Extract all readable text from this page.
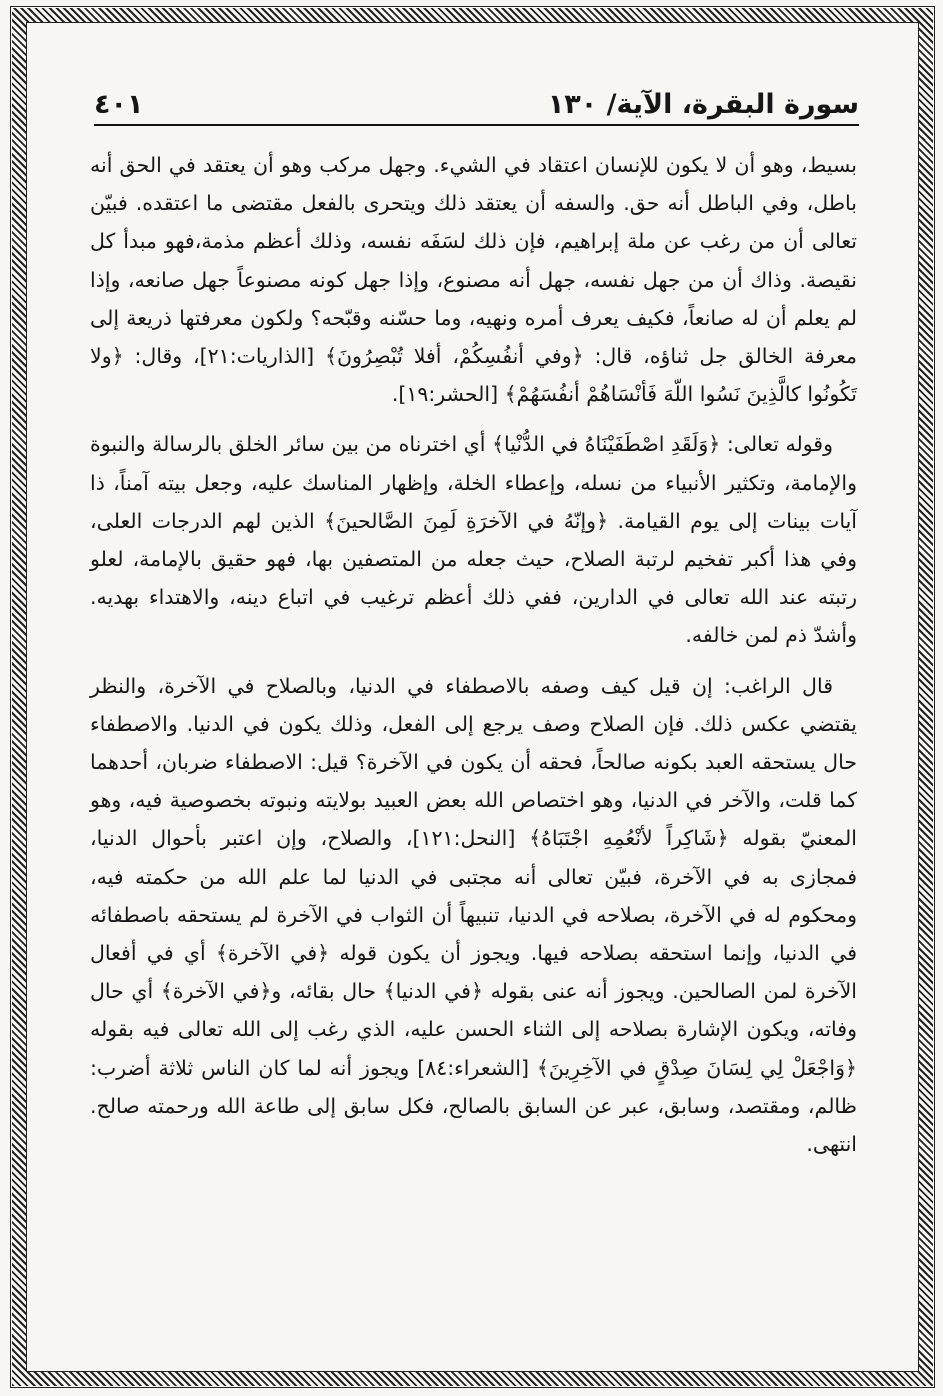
سورة البقرة، الآية/ ١٣٠
٤٠١

بسيط، وهو أن لا يكون للإنسان اعتقاد في الشيء. وجهل مركب وهو أن يعتقد في الحق أنه باطل، وفي الباطل أنه حق. والسفه أن يعتقد ذلك ويتحرى بالفعل مقتضى ما اعتقده. فبيّن تعالى أن من رغب عن ملة إبراهيم، فإن ذلك لسَفَه نفسه، وذلك أعظم مذمة،فهو مبدأ كل نقيصة. وذاك أن من جهل نفسه، جهل أنه مصنوع، وإذا جهل كونه مصنوعاً جهل صانعه، وإذا لم يعلم أن له صانعاً، فكيف يعرف أمره ونهيه، وما حسّنه وقبّحه؟ ولكون معرفتها ذريعة إلى معرفة الخالق جل ثناؤه، قال: ﴿وفي أنفُسِكُمْ، أفلا تُبْصِرُونَ﴾ [الذاريات:٢١]، وقال: ﴿ولا تَكُونُوا كالَّذِينَ نَسُوا اللّهَ فَأنْسَاهُمْ أنفُسَهُمْ﴾ [الحشر:١٩].

وقوله تعالى: ﴿وَلَقَدِ اصْطَفَيْنَاهُ في الدُّنْيا﴾ أي اخترناه من بين سائر الخلق بالرسالة والنبوة والإمامة، وتكثير الأنبياء من نسله، وإعطاء الخلة، وإظهار المناسك عليه، وجعل بيته آمناً، ذا آيات بينات إلى يوم القيامة. ﴿وإنّهُ في الآخرَةِ لَمِنَ الصَّالحينَ﴾ الذين لهم الدرجات العلى، وفي هذا أكبر تفخيم لرتبة الصلاح، حيث جعله من المتصفين بها، فهو حقيق بالإمامة، لعلو رتبته عند الله تعالى في الدارين، ففي ذلك أعظم ترغيب في اتباع دينه، والاهتداء بهديه. وأشدّ ذم لمن خالفه.

قال الراغب: إن قيل كيف وصفه بالاصطفاء في الدنيا، وبالصلاح في الآخرة، والنظر يقتضي عكس ذلك. فإن الصلاح وصف يرجع إلى الفعل، وذلك يكون في الدنيا. والاصطفاء حال يستحقه العبد بكونه صالحاً، فحقه أن يكون في الآخرة؟ قيل: الاصطفاء ضربان، أحدهما كما قلت، والآخر في الدنيا، وهو اختصاص الله بعض العبيد بولايته ونبوته بخصوصية فيه، وهو المعنيّ بقوله ﴿شَاكِراً لأنْعُمِهِ اجْتَبَاهُ﴾ [النحل:١٢١]، والصلاح، وإن اعتبر بأحوال الدنيا، فمجازى به في الآخرة، فبيّن تعالى أنه مجتبى في الدنيا لما علم الله من حكمته فيه، ومحكوم له في الآخرة، بصلاحه في الدنيا، تنبيهاً أن الثواب في الآخرة لم يستحقه باصطفائه في الدنيا، وإنما استحقه بصلاحه فيها. ويجوز أن يكون قوله ﴿في الآخرة﴾ أي في أفعال الآخرة لمن الصالحين. ويجوز أنه عنى بقوله ﴿في الدنيا﴾ حال بقائه، و﴿في الآخرة﴾ أي حال وفاته، ويكون الإشارة بصلاحه إلى الثناء الحسن عليه، الذي رغب إلى الله تعالى فيه بقوله ﴿وَاجْعَلْ لِي لِسَانَ صِدْقٍ في الآخِرِينَ﴾ [الشعراء:٨٤] ويجوز أنه لما كان الناس ثلاثة أضرب: ظالم، ومقتصد، وسابق، عبر عن السابق بالصالح، فكل سابق إلى طاعة الله ورحمته صالح. انتهى.
